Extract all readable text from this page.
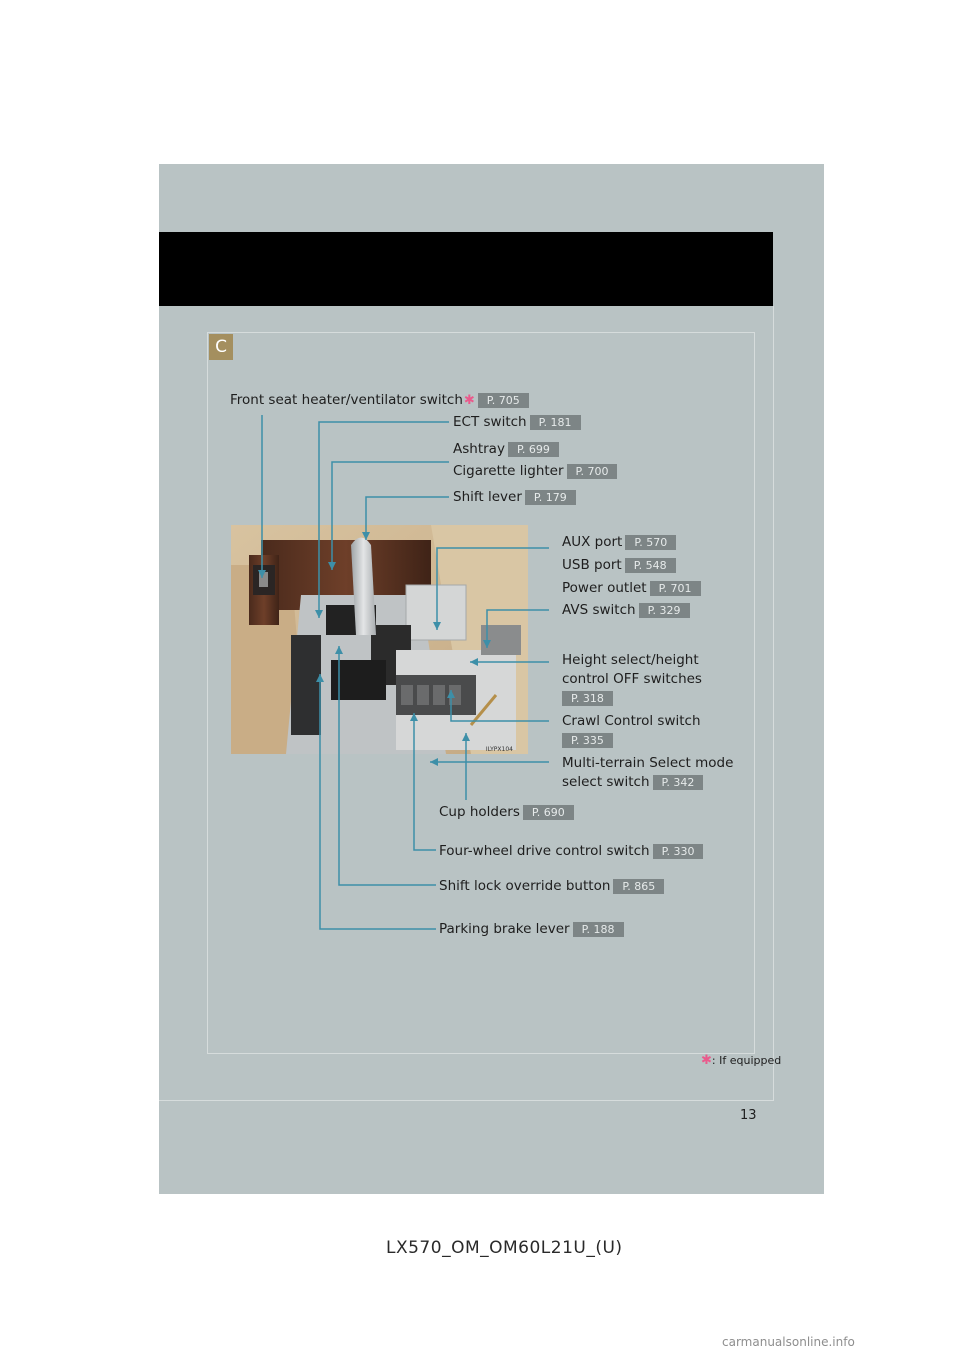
C
ILYPX104
Front seat heater/ventilator switch✱ P. 705
ECT switch P. 181
Ashtray P. 699
Cigarette lighter P. 700
Shift lever P. 179
AUX port P. 570
USB port P. 548
Power outlet P. 701
AVS switch P. 329
Height select/height
control OFF switches
P. 318
Crawl Control switch
P. 335
Multi-terrain Select mode
select switch P. 342
Cup holders P. 690
Four-wheel drive control switch P. 330
Shift lock override button P. 865
Parking brake lever P. 188
✱: If equipped
13
LX570_OM_OM60L21U_(U)
carmanualsonline.info
